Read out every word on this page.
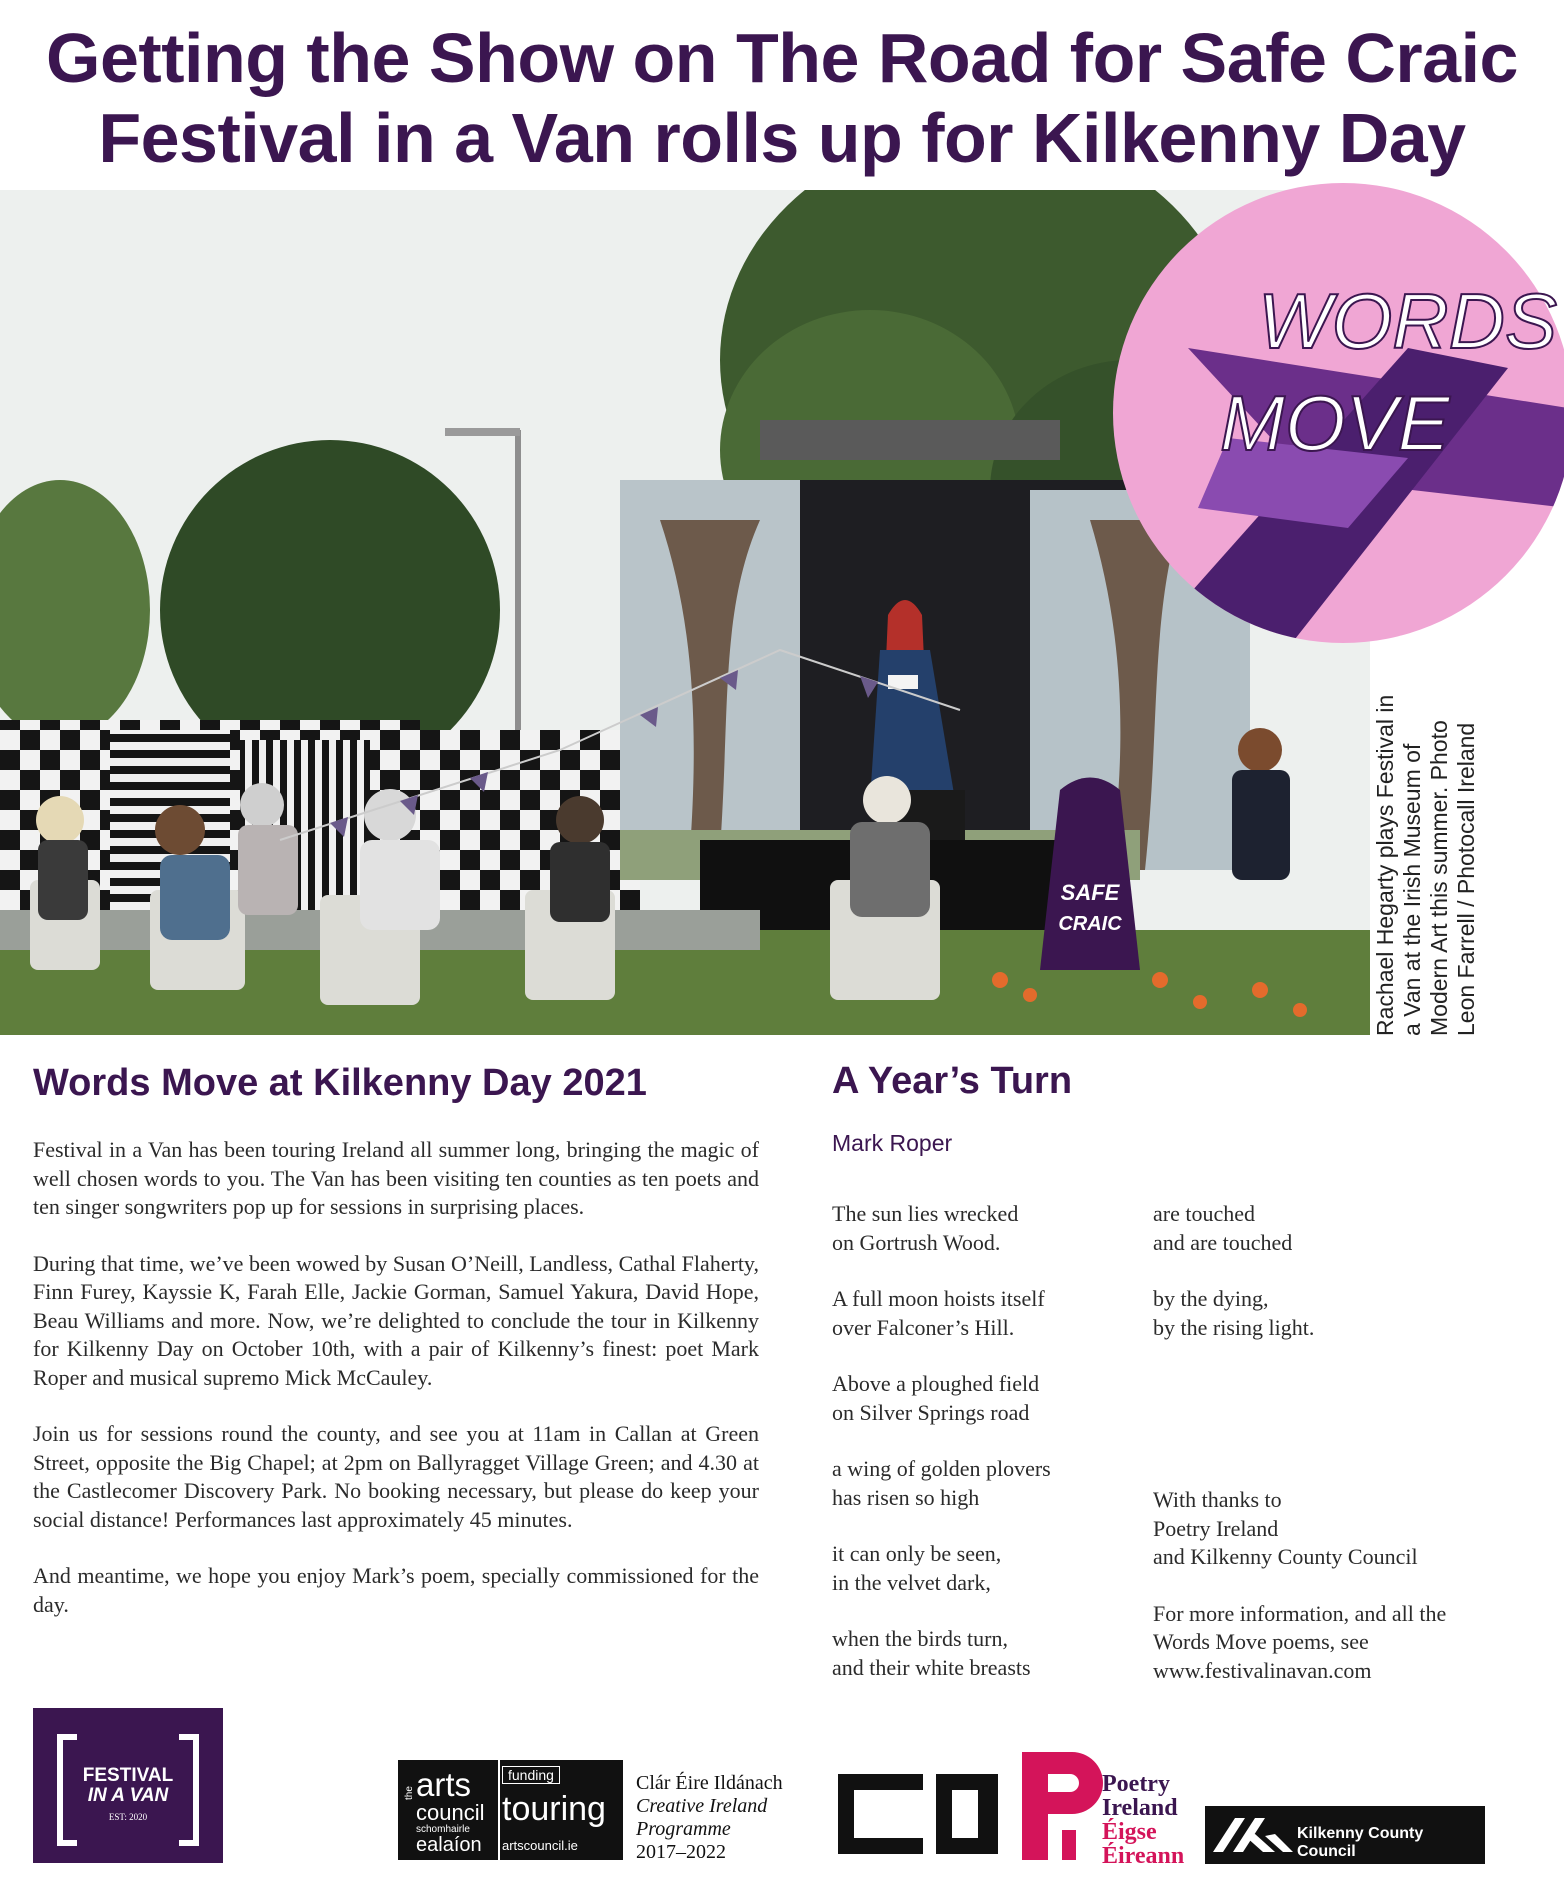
Getting the Show on The Road for Safe Craic
Festival in a Van rolls up for Kilkenny Day
SAFE
CRAIC
WORDS
MOVE
Rachael Hegarty plays Festival in a Van at the Irish Museum of Modern Art this summer. Photo Leon Farrell / Photocall Ireland
Words Move at Kilkenny Day 2021

Festival in a Van has been touring Ireland all summer long, bringing the magic of well chosen words to you. The Van has been visiting ten counties as ten poets and ten singer songwriters pop up for sessions in surprising places.

During that time, we’ve been wowed by Susan O’Neill, Landless, Cathal Flaherty, Finn Furey, Kayssie K, Farah Elle, Jackie Gorman, Samuel Yakura, David Hope, Beau Williams and more. Now, we’re delighted to conclude the tour in Kilkenny for Kilkenny Day on October 10th, with a pair of Kilkenny’s finest: poet Mark Roper and musical supremo Mick McCauley.

Join us for sessions round the county, and see you at 11am in Callan at Green Street, opposite the Big Chapel; at 2pm on Ballyragget Village Green; and 4.30 at the Castlecomer Discovery Park. No booking necessary, but please do keep your social distance! Performances last approximately 45 minutes.

And meantime, we hope you enjoy Mark’s poem, specially commissioned for the day.

A Year’s Turn
Mark Roper
The sun lies wrecked
on Gortrush Wood.
A full moon hoists itself
over Falconer’s Hill.
Above a ploughed field
on Silver Springs road
a wing of golden plovers
has risen so high
it can only be seen,
in the velvet dark,
when the birds turn,
and their white breasts
are touched
and are touched
by the dying,
by the rising light.

With thanks to
Poetry Ireland
and Kilkenny County Council

For more information, and all the Words Move poems, see www.festivalinavan.com

FESTIVAL
IN A VAN
EST: 2020
the arts
council
schomhairle
ealaíon
funding
touring
artscouncil.ie
Clár Éire Ildánach
Creative Ireland
Programme
2017–2022
Poetry
Ireland
Éigse
Éireann
Kilkenny County Council
